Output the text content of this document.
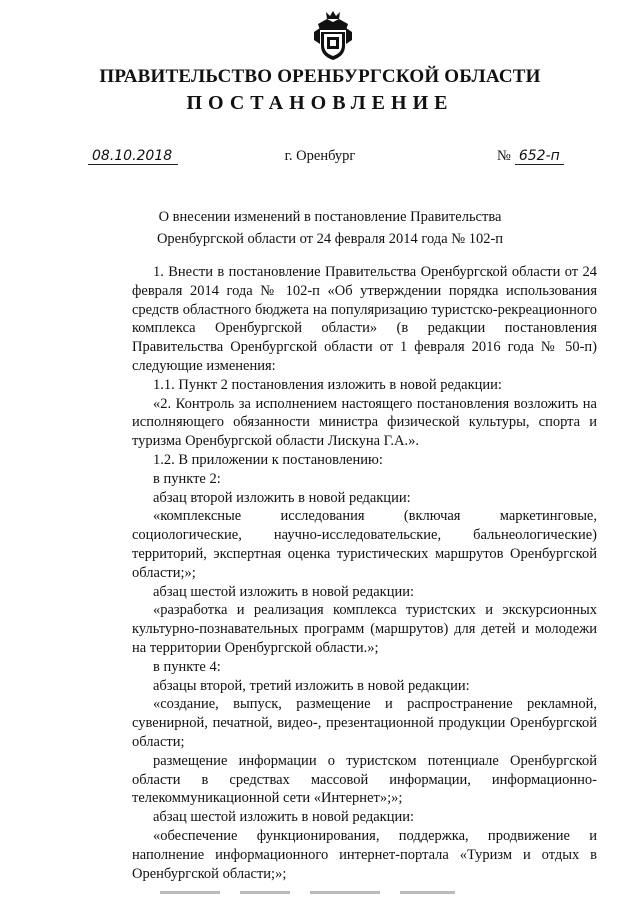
ПРАВИТЕЛЬСТВО ОРЕНБУРГСКОЙ ОБЛАСТИ
ПОСТАНОВЛЕНИЕ
08.10.2018	г. Оренбург	№ 652-п
О внесении изменений в постановление Правительства
Оренбургской области от 24 февраля 2014 года № 102-п

1. Внести в постановление Правительства Оренбургской области от 24 февраля 2014 года № 102-п «Об утверждении порядка использования средств областного бюджета на популяризацию туристско-рекреационного комплекса Оренбургской области» (в редакции постановления Правительства Оренбургской области от 1 февраля 2016 года № 50-п) следующие изменения:

1.1. Пункт 2 постановления изложить в новой редакции:

«2. Контроль за исполнением настоящего постановления возложить на исполняющего обязанности министра физической культуры, спорта и туризма Оренбургской области Лискуна Г.А.».

1.2. В приложении к постановлению:

в пункте 2:

абзац второй изложить в новой редакции:

«комплексные исследования (включая маркетинговые, социологические, научно-исследовательские, бальнеологические) территорий, экспертная оценка туристических маршрутов Оренбургской области;»;

абзац шестой изложить в новой редакции:

«разработка и реализация комплекса туристских и экскурсионных культурно-познавательных программ (маршрутов) для детей и молодежи на территории Оренбургской области.»;

в пункте 4:

абзацы второй, третий изложить в новой редакции:

«создание, выпуск, размещение и распространение рекламной, сувенирной, печатной, видео-, презентационной продукции Оренбургской области;

размещение информации о туристском потенциале Оренбургской области в средствах массовой информации, информационно-телекоммуникационной сети «Интернет»;»;

абзац шестой изложить в новой редакции:

«обеспечение функционирования, поддержка, продвижение и наполнение информационного интернет-портала «Туризм и отдых в Оренбургской области;»;
